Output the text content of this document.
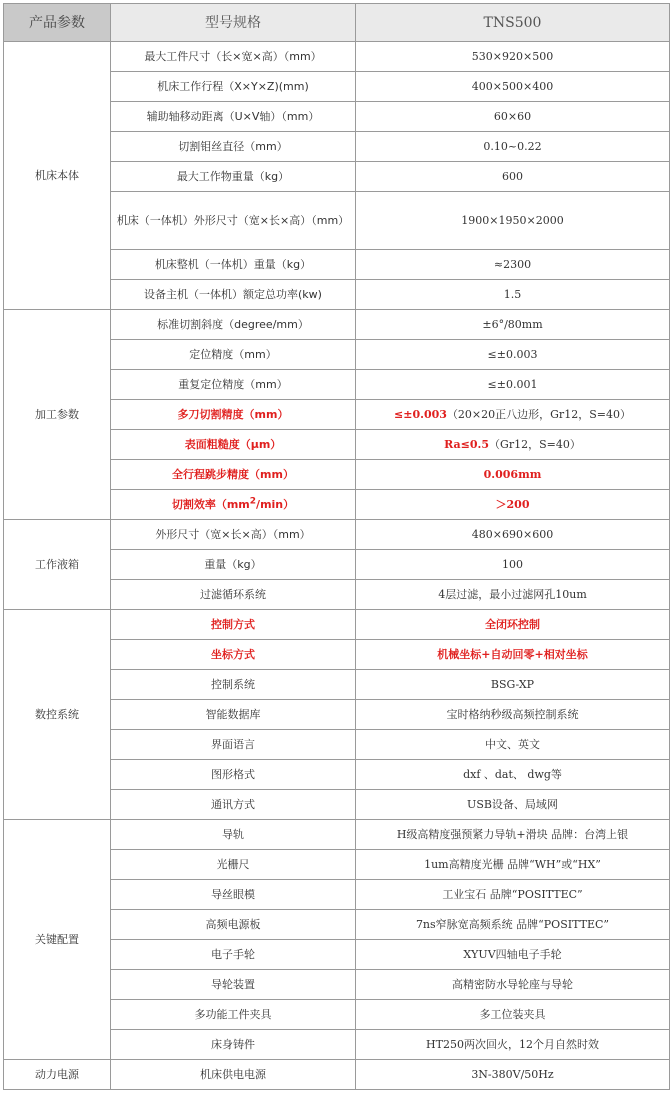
产品参数	型号规格	TNS500
机床本体	最大工件尺寸（长×宽×高）（mm）	530×920×500
	机床工作行程（X×Y×Z)(mm)	400×500×400
	辅助轴移动距离（U×V轴）（mm）	60×60
	切割钼丝直径（mm）	0.10~0.22
	最大工作物重量（kg）	600
	机床（一体机）外形尺寸（宽×长×高）（mm）	1900×1950×2000
	机床整机（一体机）重量（kg）	≈2300
	设备主机（一体机）额定总功率(kw)	1.5
加工参数	标准切割斜度（degree/mm）	±6°/80mm
	定位精度（mm）	≤±0.003
	重复定位精度（mm）	≤±0.001
	多刀切割精度（mm）	≤±0.003（20×20正八边形，Gr12，S=40）
	表面粗糙度（μm）	Ra≤0.5（Gr12，S=40）
	全行程跳步精度（mm）	0.006mm
	切割效率$(mm^2/\min)$	＞200
工作液箱	外形尺寸（宽×长×高）（mm）	480×690×600
	重量（kg）	100
	过滤循环系统	4层过滤，最小过滤网孔10um
数控系统	控制方式	全闭环控制
	坐标方式	机械坐标+自动回零+相对坐标
	控制系统	BSG-XP
	智能数据库	宝时格纳秒级高频控制系统
	界面语言	中文、英文
	图形格式	dxf 、dat、 dwg等
	通讯方式	USB设备、局域网
关键配置	导轨	H级高精度强预紧力导轨+滑块 品牌：台湾上银
	光栅尺	1um高精度光栅 品牌“WH”或“HX”
	导丝眼模	工业宝石 品牌“POSITTEC”
	高频电源板	7ns窄脉宽高频系统 品牌“POSITTEC”
	电子手轮	XYUV四轴电子手轮
	导轮装置	高精密防水导轮座与导轮
	多功能工件夹具	多工位装夹具
	床身铸件	HT250两次回火，12个月自然时效
动力电源	机床供电电源	3N-380V/50Hz
